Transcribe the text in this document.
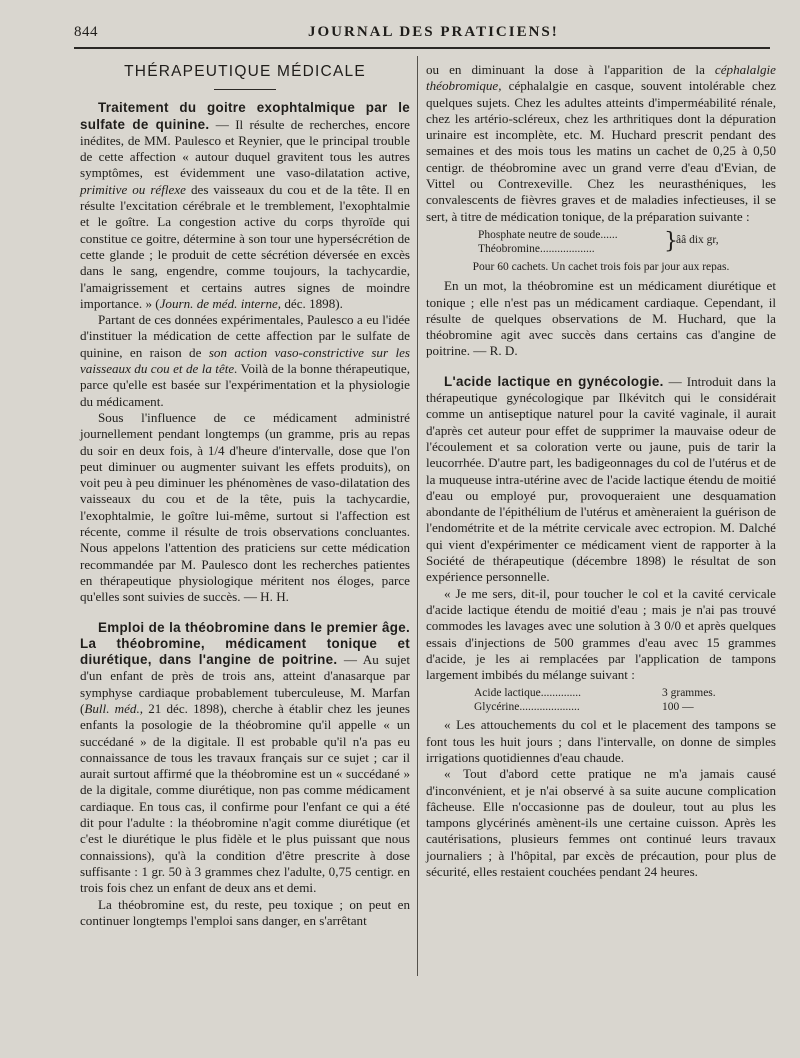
844	JOURNAL DES PRATICIENS!
THÉRAPEUTIQUE MÉDICALE

Traitement du goitre exophtalmique par le sulfate de quinine. — Il résulte de recherches, encore inédites, de MM. Paulesco et Reynier, que le principal trouble de cette affection « autour duquel gravitent tous les autres symptômes, est évidemment une vaso-dilatation active, primitive ou réflexe des vaisseaux du cou et de la tête. Il en résulte l'excitation cérébrale et le tremblement, l'exophtalmie et le goître. La congestion active du corps thyroïde qui constitue ce goitre, détermine à son tour une hypersécrétion de cette glande ; le produit de cette sécrétion déversée en excès dans le sang, engendre, comme toujours, la tachycardie, l'amaigrissement et certains autres signes de moindre importance. » (Journ. de méd. interne, déc. 1898).

Partant de ces données expérimentales, Paulesco a eu l'idée d'instituer la médication de cette affection par le sulfate de quinine, en raison de son action vaso-constrictive sur les vaisseaux du cou et de la tête. Voilà de la bonne thérapeutique, parce qu'elle est basée sur l'expérimentation et la physiologie du médicament.

Sous l'influence de ce médicament administré journellement pendant longtemps (un gramme, pris au repas du soir en deux fois, à 1/4 d'heure d'intervalle, dose que l'on peut diminuer ou augmenter suivant les effets produits), on voit peu à peu diminuer les phénomènes de vaso-dilatation des vaisseaux du cou et de la tête, puis la tachycardie, l'exophtalmie, le goître lui-même, surtout si l'affection est récente, comme il résulte de trois observations concluantes. Nous appelons l'attention des praticiens sur cette médication recommandée par M. Paulesco dont les recherches patientes en thérapeutique physiologique méritent nos éloges, parce qu'elles sont suivies de succès. — H. H.

Emploi de la théobromine dans le premier âge. La théobromine, médicament tonique et diurétique, dans l'angine de poitrine. — Au sujet d'un enfant de près de trois ans, atteint d'anasarque par symphyse cardiaque probablement tuberculeuse, M. Marfan (Bull. méd., 21 déc. 1898), cherche à établir chez les jeunes enfants la posologie de la théobromine qu'il appelle « un succédané » de la digitale. Il est probable qu'il n'a pas eu connaissance de tous les travaux français sur ce sujet ; car il aurait surtout affirmé que la théobromine est un « succédané » de la digitale, comme diurétique, non pas comme médicament cardiaque. En tous cas, il confirme pour l'enfant ce qui a été dit pour l'adulte : la théobromine n'agit comme diurétique (et c'est le diurétique le plus fidèle et le plus puissant que nous connaissions), qu'à la condition d'être prescrite à dose suffisante : 1 gr. 50 à 3 grammes chez l'adulte, 0,75 centigr. en trois fois chez un enfant de deux ans et demi.

La théobromine est, du reste, peu toxique ; on peut en continuer longtemps l'emploi sans danger, en s'arrêtant

ou en diminuant la dose à l'apparition de la céphalalgie théobromique, céphalalgie en casque, souvent intolérable chez quelques sujets. Chez les adultes atteints d'imperméabilité rénale, chez les artério-scléreux, chez les arthritiques dont la dépuration urinaire est incomplète, etc. M. Huchard prescrit pendant des semaines et des mois tous les matins un cachet de 0,25 à 0,50 centigr. de théobromine avec un grand verre d'eau d'Evian, de Vittel ou Contrexeville. Chez les neurasthéniques, les convalescents de fièvres graves et de maladies infectieuses, il se sert, à titre de médication tonique, de la préparation suivante :

Phosphate neutre de soude......
Théobromine...................	}
ââ dix gr,

Pour 60 cachets. Un cachet trois fois par jour aux repas.

En un mot, la théobromine est un médicament diurétique et tonique ; elle n'est pas un médicament cardiaque. Cependant, il résulte de quelques observations de M. Huchard, que la théobromine agit avec succès dans certains cas d'angine de poitrine. — R. D.

L'acide lactique en gynécologie. — Introduit dans la thérapeutique gynécologique par Ilkévitch qui le considérait comme un antiseptique naturel pour la cavité vaginale, il aurait d'après cet auteur pour effet de supprimer la mauvaise odeur de l'écoulement et sa coloration verte ou jaune, puis de tarir la leucorrhée. D'autre part, les badigeonnages du col de l'utérus et de la muqueuse intra-utérine avec de l'acide lactique étendu de moitié d'eau ou employé pur, provoqueraient une desquamation abondante de l'épithélium de l'utérus et amèneraient la guérison de l'endométrite et de la métrite cervicale avec ectropion. M. Dalché qui vient d'expérimenter ce médicament vient de rapporter à la Société de thérapeutique (décembre 1898) le résultat de son expérience personnelle.

« Je me sers, dit-il, pour toucher le col et la cavité cervicale d'acide lactique étendu de moitié d'eau ; mais je n'ai pas trouvé commodes les lavages avec une solution à 3 0/0 et après quelques essais d'injections de 500 grammes d'eau avec 15 grammes d'acide, je les ai remplacées par l'application de tampons largement imbibés du mélange suivant :

Acide lactique..............	3 grammes.
Glycérine.....................	100 —

« Les attouchements du col et le placement des tampons se font tous les huit jours ; dans l'intervalle, on donne de simples irrigations quotidiennes d'eau chaude.

« Tout d'abord cette pratique ne m'a jamais causé d'inconvénient, et je n'ai observé à sa suite aucune complication fâcheuse. Elle n'occasionne pas de douleur, tout au plus les tampons glycérinés amènent-ils une certaine cuisson. Après les cautérisations, plusieurs femmes ont continué leurs travaux journaliers ; à l'hôpital, par excès de précaution, pour plus de sécurité, elles restaient couchées pendant 24 heures.
